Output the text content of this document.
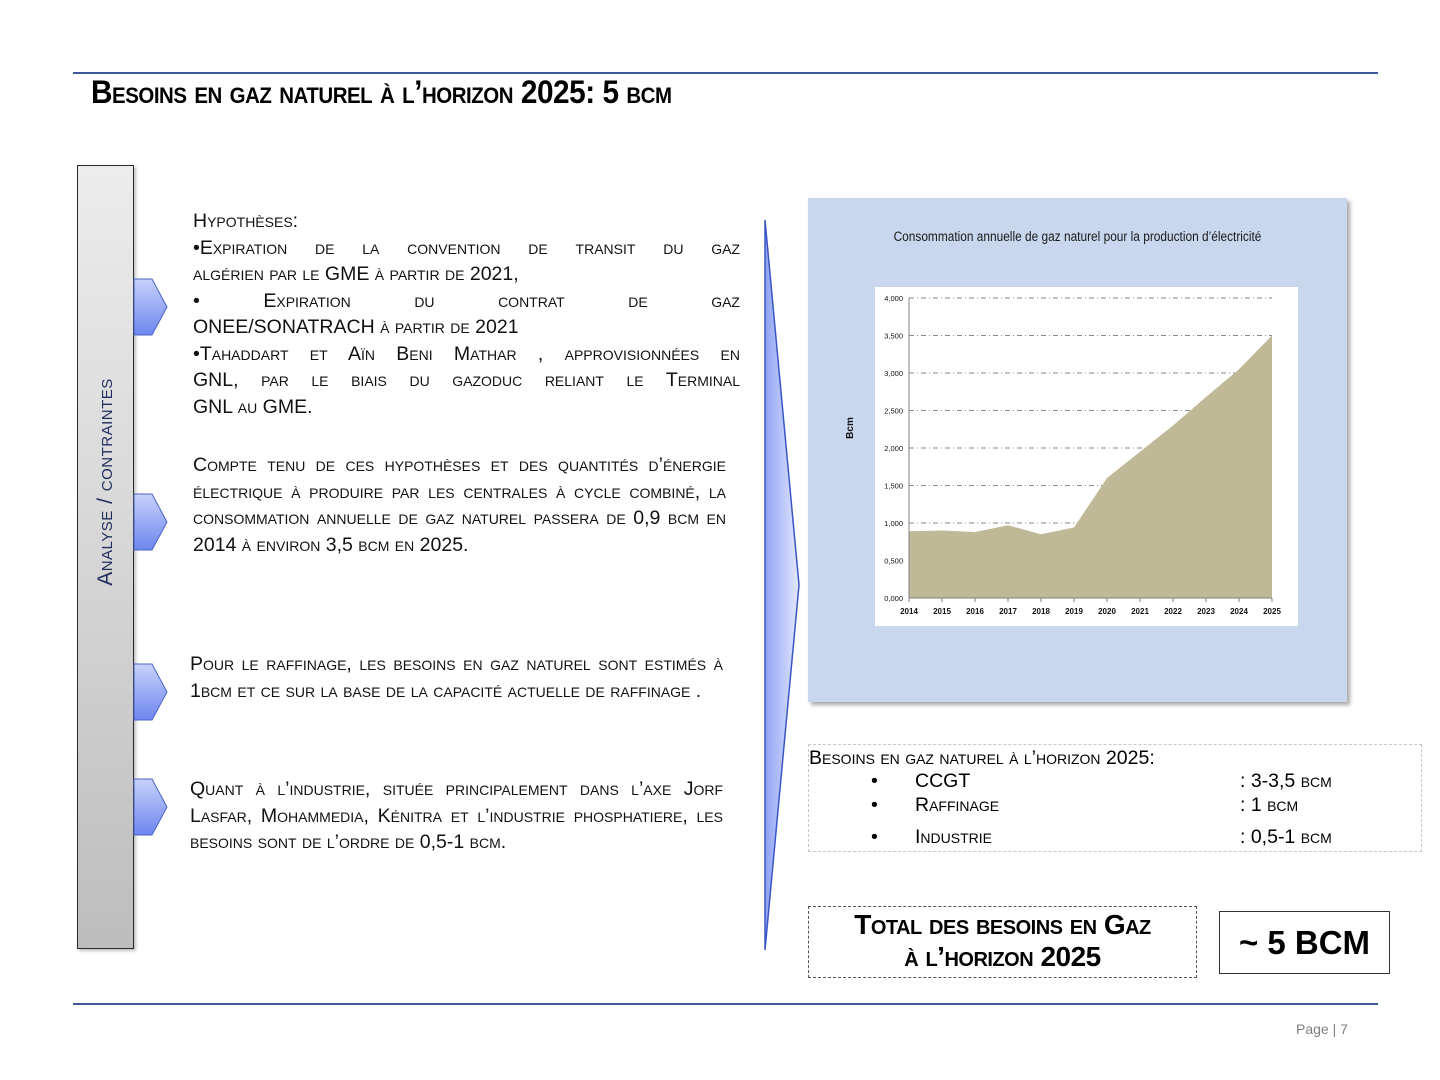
Besoins en gaz naturel à l’horizon 2025: 5 bcm
Analyse / contraintes

Hypothèses:

•Expiration de la convention de transit du gaz

algérien par le GME à partir de 2021,

• Expiration du contrat de gaz

ONEE/SONATRACH à partir de 2021

•Tahaddart et Aïn Beni Mathar , approvisionnées en

GNL, par le biais du gazoduc reliant le Terminal

GNL au GME.

Compte tenu de ces hypothèses et des quantités d’énergie électrique à produire par les centrales à cycle combiné, la consommation annuelle de gaz naturel passera de 0,9 bcm en 2014 à environ 3,5 bcm en 2025.
Pour le raffinage, les besoins en gaz naturel sont estimés à 1bcm et ce sur la base de la capacité actuelle de raffinage .
Quant à l’industrie, située principalement dans l’axe Jorf Lasfar, Mohammedia, Kénitra et l’industrie phosphatiere, les besoins sont de l’ordre de 0,5-1 bcm.
Consommation annuelle de gaz naturel pour la production d’électricité
0,000
0,500
1,000
1,500
2,000
2,500
3,000
3,500
4,000
2014 2015 2016 2017 2018 2019 2020 2021 2022 2023 2024 2025
Bcm
Besoins en gaz naturel à l’horizon 2025:
• CCGT	: 3-3,5 bcm
• Raffinage	: 1 bcm
• Industrie	: 0,5-1 bcm
Total des besoins en Gaz
à l’horizon 2025	~ 5 BCM
Page | 7
